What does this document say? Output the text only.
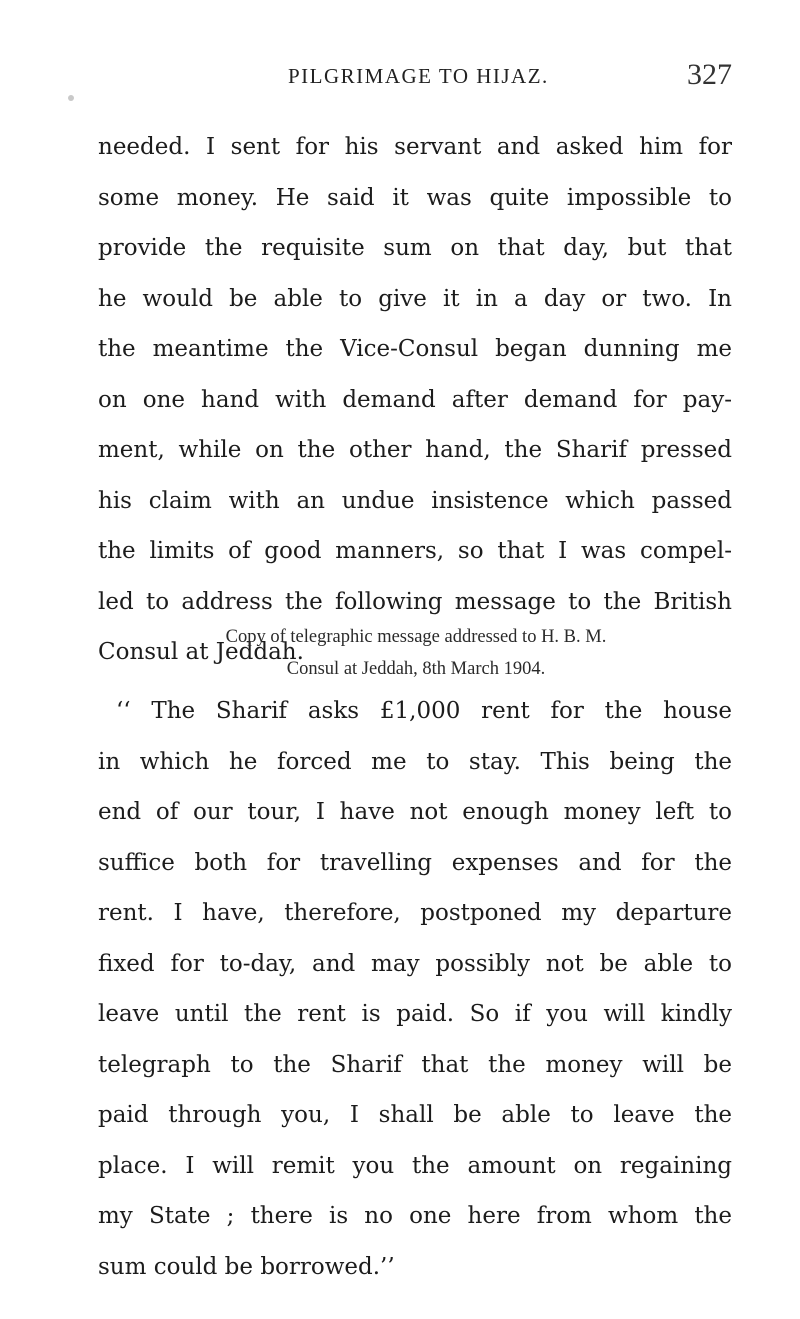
PILGRIMAGE TO HIJAZ.	327
needed. I sent for his servant and asked him for
some money. He said it was quite impossible to
provide the requisite sum on that day, but that
he would be able to give it in a day or two. In
the meantime the Vice-Consul began dunning me
on one hand with demand after demand for pay-
ment, while on the other hand, the Sharif pressed
his claim with an undue insistence which passed
the limits of good manners, so that I was compel-
led to address the following message to the British
Consul at Jeddah.
Copy of telegraphic message addressed to H. B. M.
Consul at Jeddah, 8th March 1904.
‘‘ The Sharif asks £1,000 rent for the house
in which he forced me to stay. This being the
end of our tour, I have not enough money left to
suffice both for travelling expenses and for the
rent. I have, therefore, postponed my departure
fixed for to-day, and may possibly not be able to
leave until the rent is paid. So if you will kindly
telegraph to the Sharif that the money will be
paid through you, I shall be able to leave the
place. I will remit you the amount on regaining
my State ; there is no one here from whom the
sum could be borrowed.’’
